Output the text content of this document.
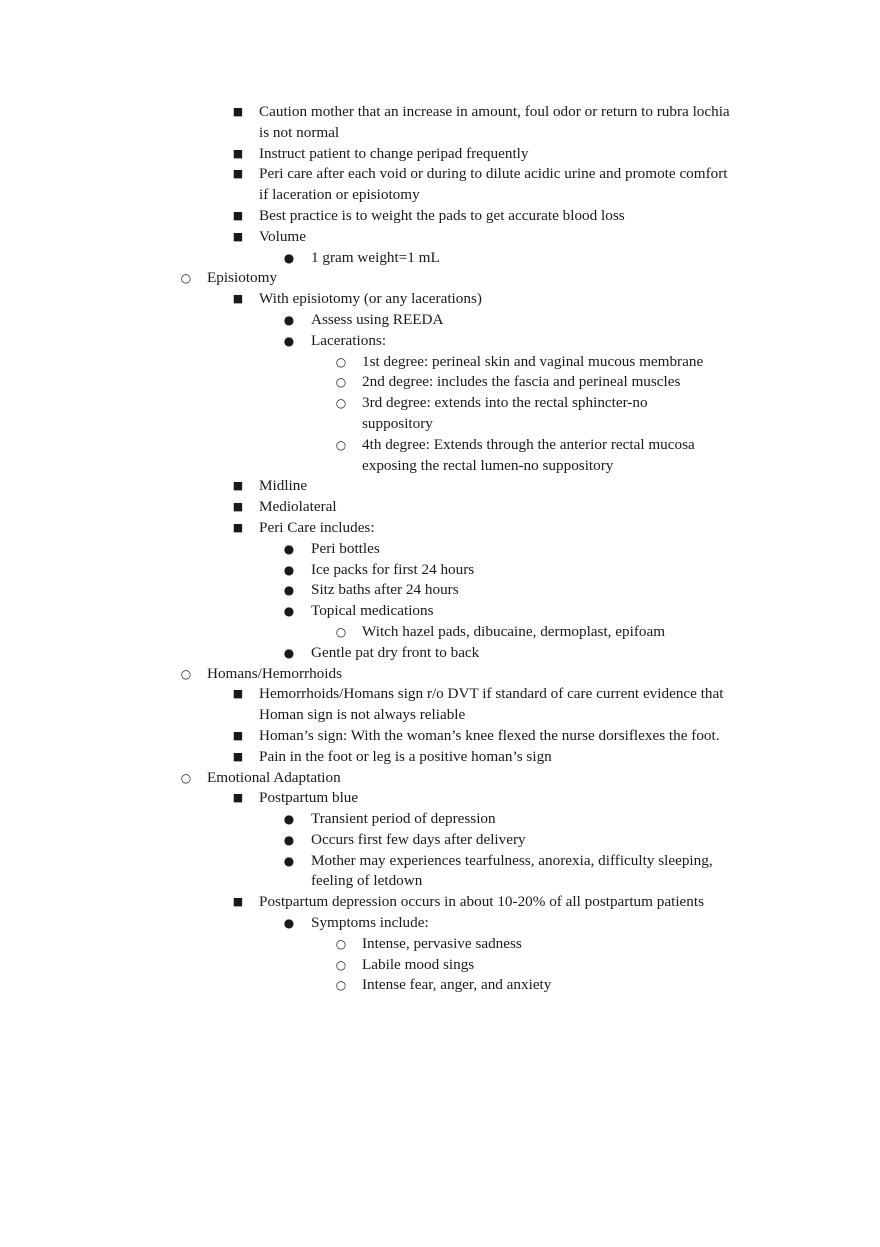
■	Caution mother that an increase in amount, foul odor or return to rubra lochia is not normal
■	Instruct patient to change peripad frequently
■	Peri care after each void or during to dilute acidic urine and promote comfort if laceration or episiotomy
■	Best practice is to weight the pads to get accurate blood loss
■	Volume
●	1 gram weight=1 mL
○	Episiotomy
■	With episiotomy (or any lacerations)
●	Assess using REEDA
●	Lacerations:
○	1st degree: perineal skin and vaginal mucous membrane
○	2nd degree: includes the fascia and perineal muscles
○	3rd degree: extends into the rectal sphincter-no suppository
○	4th degree: Extends through the anterior rectal mucosa exposing the rectal lumen-no suppository
■	Midline
■	Mediolateral
■	Peri Care includes:
●	Peri bottles
●	Ice packs for first 24 hours
●	Sitz baths after 24 hours
●	Topical medications
○	Witch hazel pads, dibucaine, dermoplast, epifoam
●	Gentle pat dry front to back
○	Homans/Hemorrhoids
■	Hemorrhoids/Homans sign r/o DVT if standard of care current evidence that Homan sign is not always reliable
■	Homan’s sign: With the woman’s knee flexed the nurse dorsiflexes the foot.
■	Pain in the foot or leg is a positive homan’s sign
○	Emotional Adaptation
■	Postpartum blue
●	Transient period of depression
●	Occurs first few days after delivery
●	Mother may experiences tearfulness, anorexia, difficulty sleeping, feeling of letdown
■	Postpartum depression occurs in about 10-20% of all postpartum patients
●	Symptoms include:
○	Intense, pervasive sadness
○	Labile mood sings
○	Intense fear, anger, and anxiety
